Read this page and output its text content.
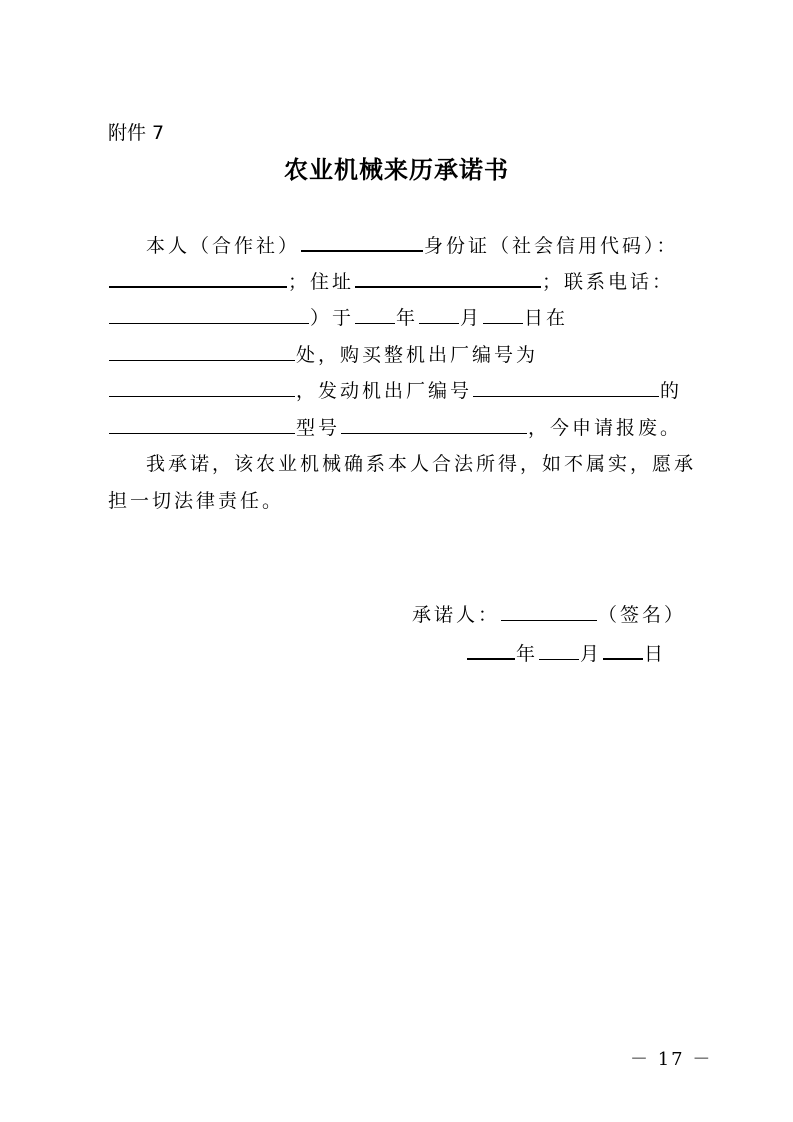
附件 7
农业机械来历承诺书
本人（合作社）	身份证（社会信用代码）：
；住址	；联系电话：
）于 年 月 日在
处，购买整机出厂编号为
，发动机出厂编号	的
型号	，今申请报废。
我承诺，该农业机械确系本人合法所得，如不属实，愿承
担一切法律责任。
承诺人：	（签名）
年 月 日
－ 17 －
